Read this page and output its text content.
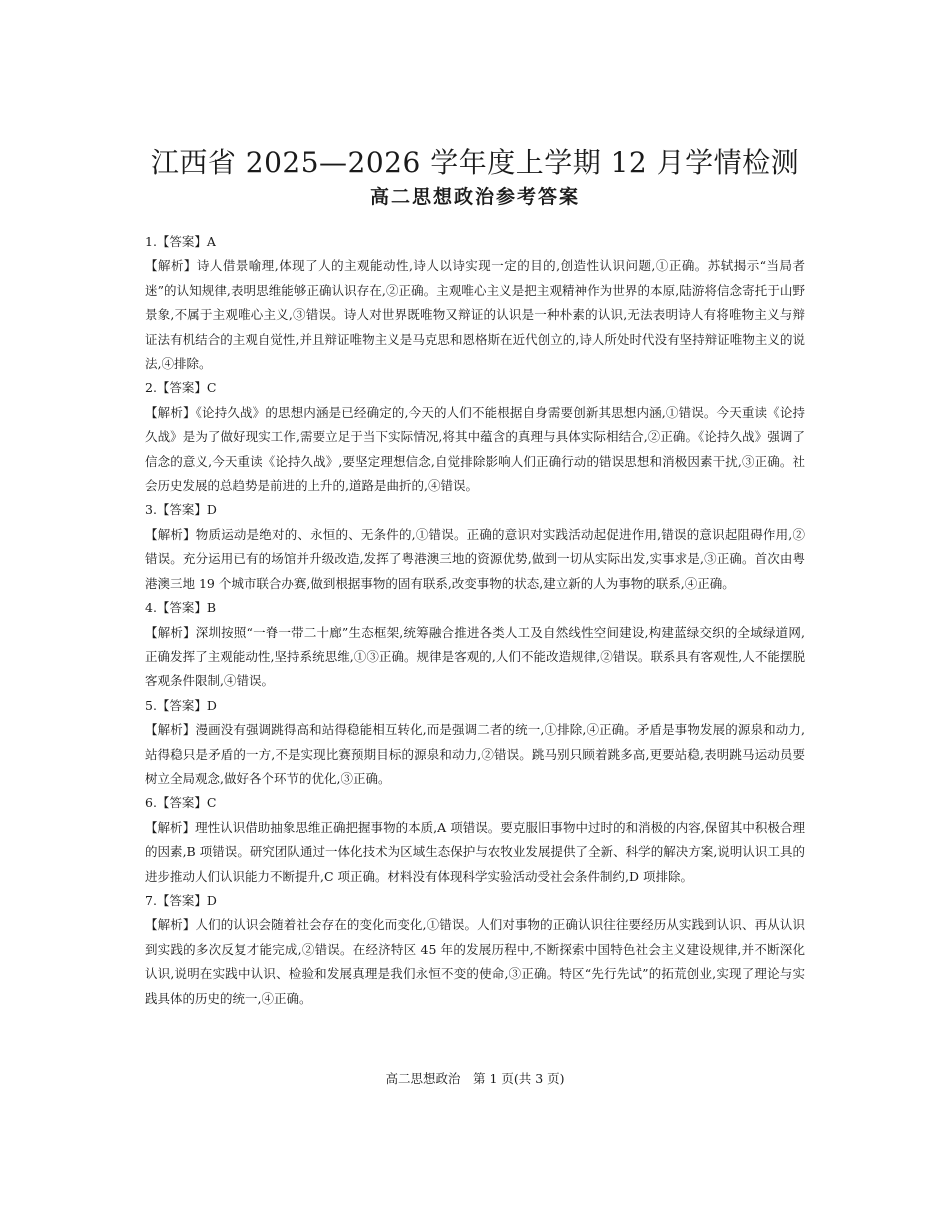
江西省 2025—2026 学年度上学期 12 月学情检测
高二思想政治参考答案

1.【答案】A

【解析】诗人借景喻理,体现了人的主观能动性,诗人以诗实现一定的目的,创造性认识问题,①正确。苏轼揭示“当局者迷”的认知规律,表明思维能够正确认识存在,②正确。主观唯心主义是把主观精神作为世界的本原,陆游将信念寄托于山野景象,不属于主观唯心主义,③错误。诗人对世界既唯物又辩证的认识是一种朴素的认识,无法表明诗人有将唯物主义与辩证法有机结合的主观自觉性,并且辩证唯物主义是马克思和恩格斯在近代创立的,诗人所处时代没有坚持辩证唯物主义的说法,④排除。

2.【答案】C

【解析】《论持久战》的思想内涵是已经确定的,今天的人们不能根据自身需要创新其思想内涵,①错误。今天重读《论持久战》是为了做好现实工作,需要立足于当下实际情况,将其中蕴含的真理与具体实际相结合,②正确。《论持久战》强调了信念的意义,今天重读《论持久战》,要坚定理想信念,自觉排除影响人们正确行动的错误思想和消极因素干扰,③正确。社会历史发展的总趋势是前进的上升的,道路是曲折的,④错误。

3.【答案】D

【解析】物质运动是绝对的、永恒的、无条件的,①错误。正确的意识对实践活动起促进作用,错误的意识起阻碍作用,②错误。充分运用已有的场馆并升级改造,发挥了粤港澳三地的资源优势,做到一切从实际出发,实事求是,③正确。首次由粤港澳三地 19 个城市联合办赛,做到根据事物的固有联系,改变事物的状态,建立新的人为事物的联系,④正确。

4.【答案】B

【解析】深圳按照“一脊一带二十廊”生态框架,统筹融合推进各类人工及自然线性空间建设,构建蓝绿交织的全域绿道网,正确发挥了主观能动性,坚持系统思维,①③正确。规律是客观的,人们不能改造规律,②错误。联系具有客观性,人不能摆脱客观条件限制,④错误。

5.【答案】D

【解析】漫画没有强调跳得高和站得稳能相互转化,而是强调二者的统一,①排除,④正确。矛盾是事物发展的源泉和动力,站得稳只是矛盾的一方,不是实现比赛预期目标的源泉和动力,②错误。跳马别只顾着跳多高,更要站稳,表明跳马运动员要树立全局观念,做好各个环节的优化,③正确。

6.【答案】C

【解析】理性认识借助抽象思维正确把握事物的本质,A 项错误。要克服旧事物中过时的和消极的内容,保留其中积极合理的因素,B 项错误。研究团队通过一体化技术为区域生态保护与农牧业发展提供了全新、科学的解决方案,说明认识工具的进步推动人们认识能力不断提升,C 项正确。材料没有体现科学实验活动受社会条件制约,D 项排除。

7.【答案】D

【解析】人们的认识会随着社会存在的变化而变化,①错误。人们对事物的正确认识往往要经历从实践到认识、再从认识到实践的多次反复才能完成,②错误。在经济特区 45 年的发展历程中,不断探索中国特色社会主义建设规律,并不断深化认识,说明在实践中认识、检验和发展真理是我们永恒不变的使命,③正确。特区“先行先试”的拓荒创业,实现了理论与实践具体的历史的统一,④正确。

高二思想政治　第 1 页(共 3 页)
